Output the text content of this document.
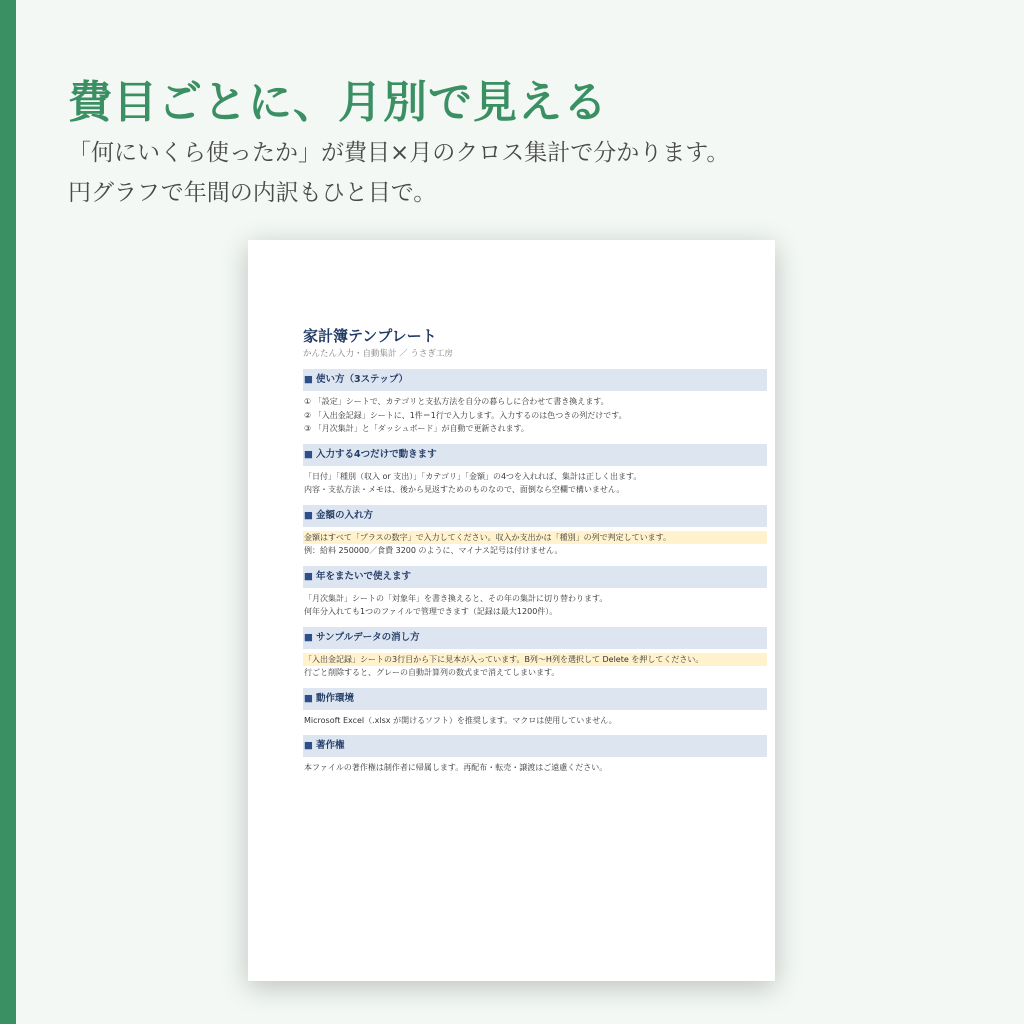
費目ごとに、月別で見える

「何にいくら使ったか」が費目×月のクロス集計で分かります。

円グラフで年間の内訳もひと目で。

家計簿テンプレート
かんたん入力・自動集計 ／ うさぎ工房
■ 使い方（3ステップ）
① 「設定」シートで、カテゴリと支払方法を自分の暮らしに合わせて書き換えます。
② 「入出金記録」シートに、1件＝1行で入力します。入力するのは色つきの列だけです。
③ 「月次集計」と「ダッシュボード」が自動で更新されます。
■ 入力する4つだけで動きます
「日付」「種別（収入 or 支出）」「カテゴリ」「金額」の4つを入れれば、集計は正しく出ます。
内容・支払方法・メモは、後から見返すためのものなので、面倒なら空欄で構いません。
■ 金額の入れ方
金額はすべて「プラスの数字」で入力してください。収入か支出かは「種別」の列で判定しています。
例：給料 250000／食費 3200 のように、マイナス記号は付けません。
■ 年をまたいで使えます
「月次集計」シートの「対象年」を書き換えると、その年の集計に切り替わります。
何年分入れても1つのファイルで管理できます（記録は最大1200件）。
■ サンプルデータの消し方
「入出金記録」シートの3行目から下に見本が入っています。B列〜H列を選択して Delete を押してください。
行ごと削除すると、グレーの自動計算列の数式まで消えてしまいます。
■ 動作環境
Microsoft Excel（.xlsx が開けるソフト）を推奨します。マクロは使用していません。
■ 著作権
本ファイルの著作権は制作者に帰属します。再配布・転売・譲渡はご遠慮ください。
